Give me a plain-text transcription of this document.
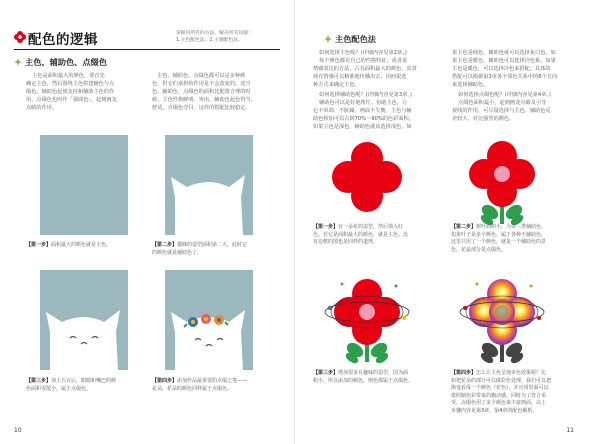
配色的逻辑	掌握用所有的方法，解决所有问题：
1.主色配色法；2.主调配色法。
主色、辅助色、点缀色
主色是面积最大的颜色，要首先
确定主色，然后围绕主色搭建辅色与点
缀色。辅助色起到支持和辅助主色的作
用，点缀色也叫作「强调色」，起到画龙
点睛的作用。
主色、辅助色、点缀色都可以是多种颜
色，但它们承担的作用是不会改变的。适当
色、辅助色、点缀色的面积比配置合理的时
候，主色性格鲜明、突出，辅助色起色得当、
舒适，点缀色夺目，这样的搭配比较稳定。
【第一步】面积最大的颜色就是主色。	【第二步】猫咪的造型面积第二大，此时它
的颜色就是辅助色了。
【第三步】加上五官后，眼睛和嘴巴的颜
色面积零散小，属于点缀色。
【第四步】添加作品最重要的点缀之笔——
花朵，花朵的颜色同样属于点缀色。
10
主色配色法
如何选择主色呢？(详细内容见第2章。)
每个颜色都有自己的性格特征，或者说
情感表达的方法。占有面积最大的颜色，其赏
现在情感可以精准地传播出去，因而很选
种方式来确定主色。
如何选择辅助色呢？(详细内容见第3章。)
辅助色可以是好地帮忙、协助主色，让
它不单调、不脏躁，画面不失衡。主色与辅
助色相加可以占到70%～90%的色彩面积。
如果主色是深色，辅助色就该选择浅色。如
果主色是纯色，辅助色就可以选择灰白色。如
果主色是暖色，辅助色可以选择冷色系，如果
主色是暖色，可以选择冷色来搭配。具体的
搭配可以根据第3章各个邻色关系中的6个方向
来选择辅助色。
如何选择点缀色呢？(详细内容见第4章。)
点缀色面积最小，起到画龙点睛及引导
视线的作用，可尽量选择与主色、辅助色反
差较大、对比强烈的颜色。
【第一步】有一朵花的造型，然后填入红
色。若它是面积最大的颜色，就是主色。没
有边框的图也是同样的道理。
【第二步】树叶面积小，为第三类辅助色。
如果叶子是多个颜色，属于各种不辅助色，
这里只用了一个颜色，就是一个辅助色的景
色，花蕊部分是点缀色。
【第三步】增加很多有趣味的造型，因为面
积小，所以添加的颜色，则色都属于点缀色。
【第四步】怎么让主色呈现多色效果呢？比
如把花朵的部分可以做彩色处理，我们可以把
渐变看成一个颜色（花色），并且用里面可以
依照制色彩带来的飘动感，同时为了符合采
受，点缀色用了多个颜色来丰富画面，以上
步骤内容见第3章，第4章的配色解析。
11
